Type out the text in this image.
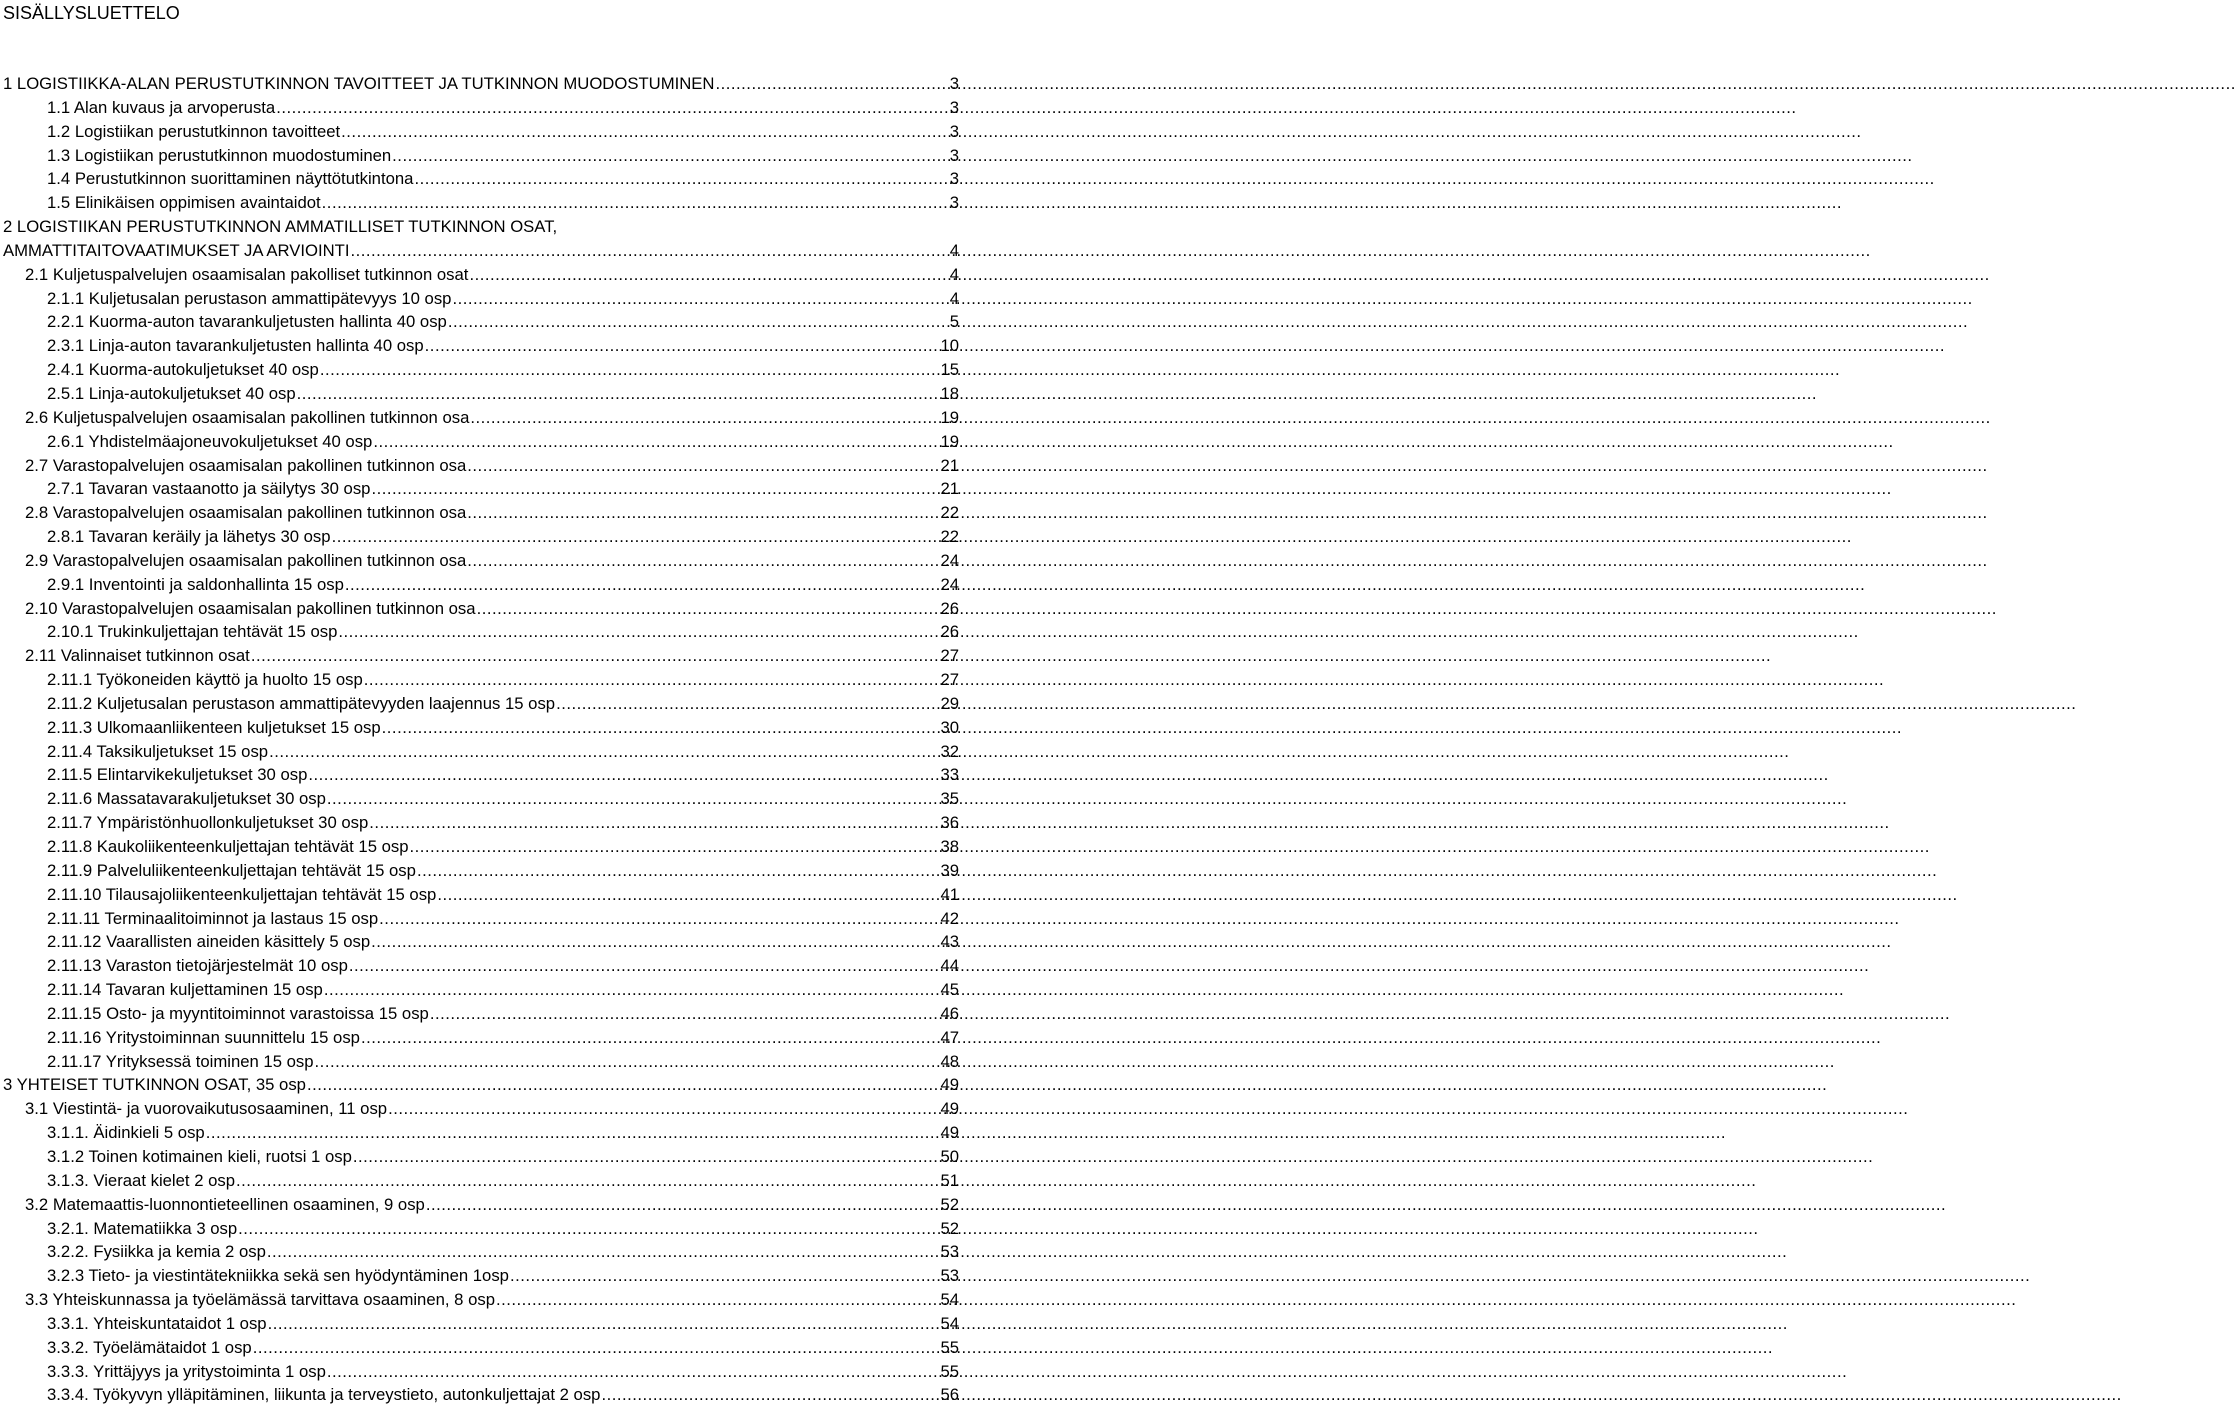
SISÄLLYSLUETTELO
1 LOGISTIIKKA-ALAN PERUSTUTKINNON TAVOITTEET JA TUTKINNON MUODOSTUMINEN .....	3
1.1 Alan kuvaus ja arvoperusta .....	3
1.2 Logistiikan perustutkinnon tavoitteet .....	3
1.3 Logistiikan perustutkinnon muodostuminen .....	3
1.4 Perustutkinnon suorittaminen näyttötutkintona .....	3
1.5 Elinikäisen oppimisen avaintaidot .....	3
2 LOGISTIIKAN PERUSTUTKINNON AMMATILLISET TUTKINNON OSAT,
AMMATTITAITOVAATIMUKSET JA ARVIOINTI .....	4
2.1 Kuljetuspalvelujen osaamisalan pakolliset tutkinnon osat .....	4
2.1.1 Kuljetusalan perustason ammattipätevyys 10 osp .....	4
2.2.1 Kuorma-auton tavarankuljetusten hallinta 40 osp .....	5
2.3.1 Linja-auton tavarankuljetusten hallinta 40 osp .....	10
2.4.1 Kuorma-autokuljetukset 40 osp .....	15
2.5.1 Linja-autokuljetukset 40 osp .....	18
2.6 Kuljetuspalvelujen osaamisalan pakollinen tutkinnon osa .....	19
2.6.1 Yhdistelmäajoneuvokuljetukset 40 osp .....	19
2.7 Varastopalvelujen osaamisalan pakollinen tutkinnon osa .....	21
2.7.1 Tavaran vastaanotto ja säilytys 30 osp .....	21
2.8 Varastopalvelujen osaamisalan pakollinen tutkinnon osa .....	22
2.8.1 Tavaran keräily ja lähetys 30 osp .....	22
2.9 Varastopalvelujen osaamisalan pakollinen tutkinnon osa .....	24
2.9.1 Inventointi ja saldonhallinta 15 osp .....	24
2.10 Varastopalvelujen osaamisalan pakollinen tutkinnon osa .....	26
2.10.1 Trukinkuljettajan tehtävät 15 osp .....	26
2.11 Valinnaiset tutkinnon osat .....	27
2.11.1 Työkoneiden käyttö ja huolto 15 osp .....	27
2.11.2 Kuljetusalan perustason ammattipätevyyden laajennus 15 osp .....	29
2.11.3 Ulkomaanliikenteen kuljetukset 15 osp .....	30
2.11.4 Taksikuljetukset 15 osp .....	32
2.11.5 Elintarvikekuljetukset 30 osp .....	33
2.11.6 Massatavarakuljetukset 30 osp .....	35
2.11.7 Ympäristönhuollonkuljetukset 30 osp .....	36
2.11.8 Kaukoliikenteenkuljettajan tehtävät 15 osp .....	38
2.11.9 Palveluliikenteenkuljettajan tehtävät 15 osp .....	39
2.11.10 Tilausajoliikenteenkuljettajan tehtävät 15 osp .....	41
2.11.11 Terminaalitoiminnot ja lastaus 15 osp .....	42
2.11.12 Vaarallisten aineiden käsittely 5 osp .....	43
2.11.13 Varaston tietojärjestelmät 10 osp .....	44
2.11.14 Tavaran kuljettaminen 15 osp .....	45
2.11.15 Osto- ja myyntitoiminnot varastoissa 15 osp .....	46
2.11.16 Yritystoiminnan suunnittelu 15 osp .....	47
2.11.17 Yrityksessä toiminen 15 osp .....	48
3 YHTEISET TUTKINNON OSAT, 35 osp .....	49
3.1 Viestintä- ja vuorovaikutusosaaminen, 11 osp .....	49
3.1.1. Äidinkieli 5 osp .....	49
3.1.2 Toinen kotimainen kieli, ruotsi 1 osp .....	50
3.1.3. Vieraat kielet 2 osp .....	51
3.2 Matemaattis-luonnontieteellinen osaaminen, 9 osp .....	52
3.2.1. Matematiikka 3 osp .....	52
3.2.2. Fysiikka ja kemia 2 osp .....	53
3.2.3 Tieto- ja viestintätekniikka sekä sen hyödyntäminen 1osp .....	53
3.3 Yhteiskunnassa ja työelämässä tarvittava osaaminen, 8 osp .....	54
3.3.1. Yhteiskuntataidot 1 osp .....	54
3.3.2. Työelämätaidot 1 osp .....	55
3.3.3. Yrittäjyys ja yritystoiminta 1 osp .....	55
3.3.4. Työkyvyn ylläpitäminen, liikunta ja terveystieto, autonkuljettajat 2 osp .....	56
